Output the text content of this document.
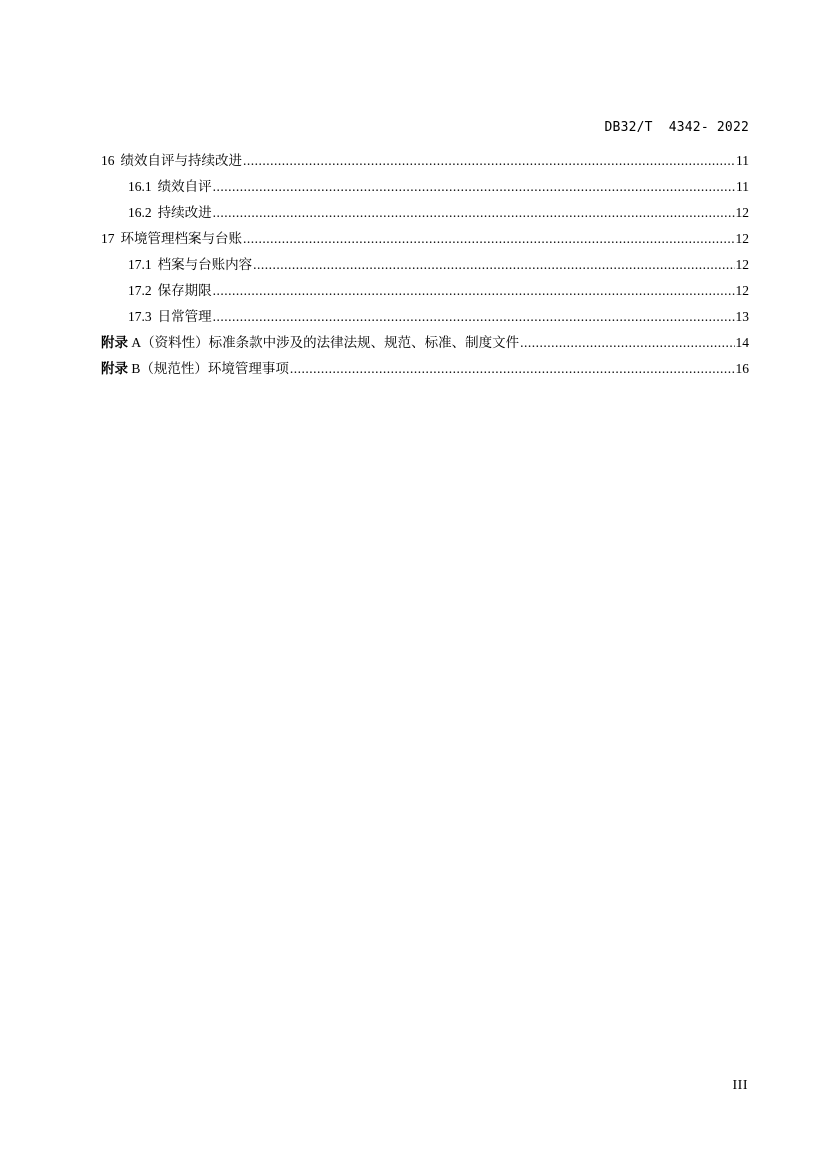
DB32/T  4342- 2022
16 绩效自评与持续改进 .....	11
16.1 绩效自评 .....	11
16.2 持续改进 .....	12
17 环境管理档案与台账 .....	12
17.1 档案与台账内容 .....	12
17.2 保存期限 .....	12
17.3 日常管理 .....	13
附录 A（资料性）标准条款中涉及的法律法规、规范、标准、制度文件 .....	14
附录 B（规范性）环境管理事项 .....	16
III
